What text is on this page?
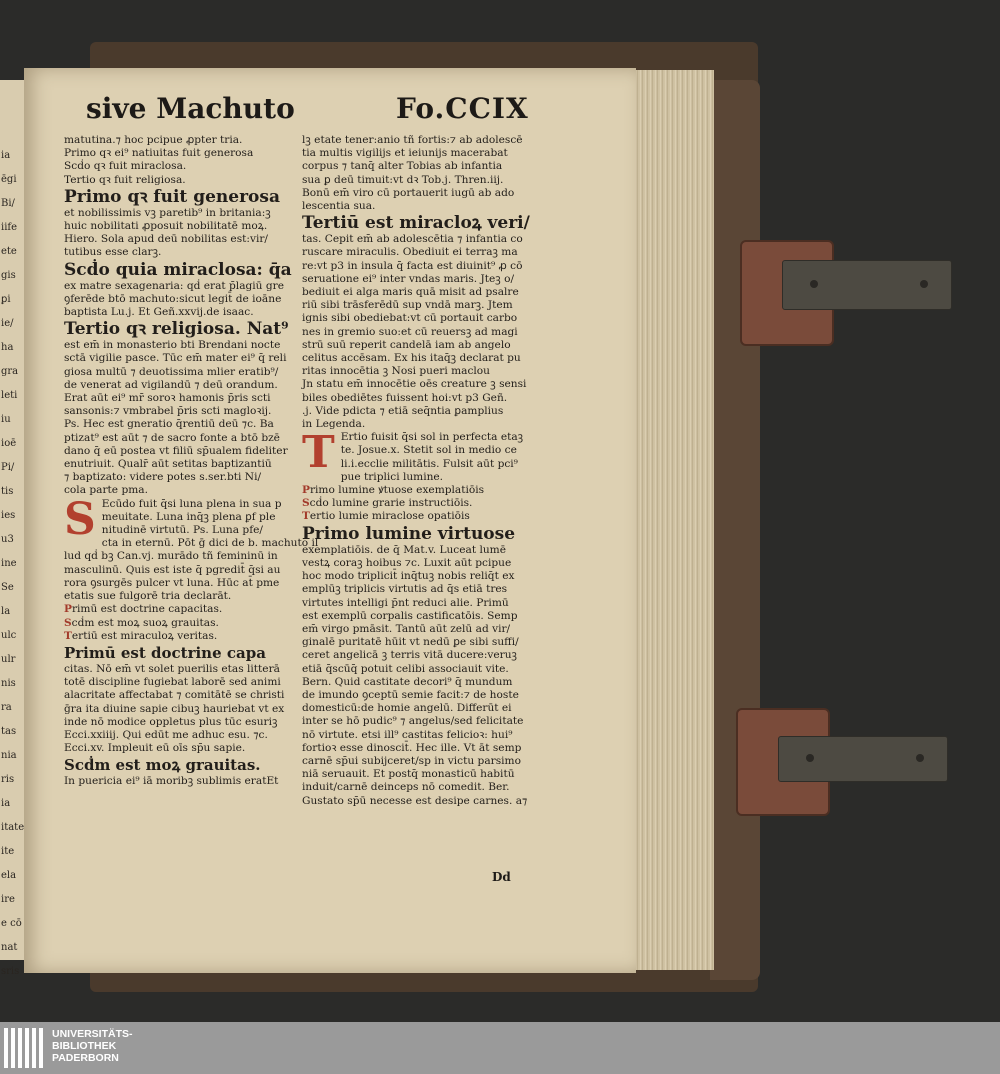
ia
ēgi
Bi/
iife
ete
gis
ꝑi
ie/
ha
gra
leti
iu
ioē
Pi/
tis
ies
u3
ine
Se
la
ulc
ulr
nis
ra
tas
nia
ris
ia
itate
ite
ela
ire
e cō
nat
sris
sive Machuto	Fo.CCIX
matutina.⁊ hoc pcipue ꝓpter tria.
Primo qꝛ ei⁹ natiuitas fuit generosa
Scḋo qꝛ fuit miraclosa.
Tertio qꝛ fuit religiosa.
Primo qꝛ fuit generosa
et nobilissimis vꝫ paretib⁹ in britania:ꝫ
huic nobilitati ꝓposuit nobilitatē moꝝ.
Hiero. Sola apud deū nobilitas est:vir/
tutibus esse clarꝫ.
Scḋo quia miraclosa: q̄a
ex matre sexagenaria: qḋ erat p̄lagiū gre
ꝯferēde btō machuto:sicut legit̄ de ioāne
baptista Lu.j. Et Geñ.xxvij.de isaac.
Tertio qꝛ religiosa. Nat⁹
est em̄ in monasterio bti Brendani nocte
sctā vigilie pasce. Tūc em̄ mater ei⁹ q̄ reli
giosa multū ⁊ deuotissima mlier eratib⁹/
de venerat ad vigilandū ⁊ deū orandum.
Erat aūt ei⁹ mr̄ soroꝛ hamonis p̄ris scti
sansonis:⁊ vmbrabel p̄ris scti magloꝛij.
Ps. Hec est gneratio q̄rentiū deū ⁊c. Ba
ptizat⁹ est aūt ⁊ de sacro fonte a btō bzē
dano q̄ eū postea vt filiū sp̄ualem fideliter
enutriuit. Qualr̄ aūt setitas baptizantiū
⁊ baptizato: videre potes s.ser.bti Ni/
cola parte pma.
S Ecūdo fuit q̄si luna plena in sua p
meuitate. Luna inq̄ꝫ plena ꝑf ple
nitudinē virtutū. Ps. Luna pfe/
cta in eternū. Pōt ḡ dici de b. machuto il
lud qḋ bꝫ Can.vj. murādo tñ femininū in
masculinū. Quis est iste q̄ pgredit̄ q̄si au
rora ꝯsurgēs pulcer vt luna. Hūc at̄ pme
etatis sue fulgorē tria declarāt.
Primū est doctrine capacitas.
Scḋm est moꝝ suoꝝ grauitas.
Tertiū est miraculoꝝ veritas.
Primū est doctrine capa
citas. Nō em̄ vt solet puerilis etas litterā
totē discipline fugiebat laborē sed animi
alacritate affectabat ⁊ comitātē se christi
ḡra ita diuine sapie cibuꝫ hauriebat vt ex
inde nō modice oppletus plus tūc esuriꝫ
Ecci.xxiiij. Qui edūt me adhuc esu. ⁊c.
Ecci.xv. Impleuit eū oīs sp̄u sapie.
Scḋm est moꝝ grauitas.
In puericia ei⁹ iā moribꝫ sublimis eratEt
lꝫ etate tener:anio tñ fortis:⁊ ab adolescē
tia multis vigilijs et ieiunijs macerabat
corpus ⁊ tanq̄ alter Tobias ab infantia
sua ꝑ deū timuit:vt dꝛ Tob.j. Thren.iij.
Bonū em̄ viro cū portauerit iugū ab ado
lescentia sua.
Tertiū est miracloꝝ veri/
tas. Cepit em̄ ab adolescētia ⁊ infantia co
ruscare miraculis. Obediuit ei terraꝫ ma
re:vt p3 in insula q̄ facta est diuinit⁹ ꝓ cō
seruatione ei⁹ inter vndas maris. Jteꝫ o/
bediuit ei alga maris quā misit ad psalre
riū sibi trāsferēdū sup vndā marꝫ. Jtem
ignis sibi obediebat:vt cū portauit carbo
nes in gremio suo:et cū reuersꝫ ad magi
strū suū reperit candelā iam ab angelo
celitus accēsam. Ex his itaq̄ꝫ declarat pu
ritas innocētia ꝫ Nosi pueri maclou
Jn statu em̄ innocētie oēs creature ꝫ sensi
biles obediētes fuissent hoi:vt p3 Geñ.
.j. Vide pdicta ⁊ etiā seq̄ntia ꝑamplius
in Legenda.
T Ertio fuisit q̄si sol in perfecta etaꝫ
te. Josue.x. Stetit sol in medio ce
li.i.ecclie militātis. Fulsit aūt pci⁹
pue triplici lumine.
Primo lumine ꝟtuose exemplatiōis
Scḋo lumine grarie instructiōis.
Tertio lumie miraclose opatiōis
Primo lumine virtuose
exemplatiōis. de q̄ Mat.v. Luceat lumē
vestꝝ coraꝫ hoibus ⁊c. Luxit aūt pcipue
hoc modo triplicit̄ inq̄tuꝫ nobis reliq̄t ex
emplūꝫ triplicis virtutis ad q̄s etiā tres
virtutes intelligi p̄nt reduci alie. Primū
est exemplū corpalis castificatōis. Semp
em̄ virgo pmāsit. Tantū aūt zelū ad vir/
ginalē puritatē hūit vt nedū ꝑe sibi suffi/
ceret angelicā ꝫ terris vitā ducere:veruꝫ
etiā q̄scūq̄ potuit celibi associauit vite.
Bern. Quid castitate decori⁹ q̄ mundum
de imundo ꝯceptū semie facit:⁊ de hoste
domesticū:de homie angelū. Differūt ei
inter se hō pudic⁹ ⁊ angelus/sed felicitate
nō virtute. etsi ill⁹ castitas felicioꝛ: hui⁹
fortioꝛ esse dinoscit̄. Hec ille. Vt āt semp
carnē sp̄ui subijceret/sp in victu parsimo
niā seruauit. Et postq̄ monasticū habitū
induit/carnē deinceps nō comedit. Ber.
Gustato sp̄ū necesse est desipe carnes. a⁊
Dd
UNIVERSITÄTS-
BIBLIOTHEK
PADERBORN
